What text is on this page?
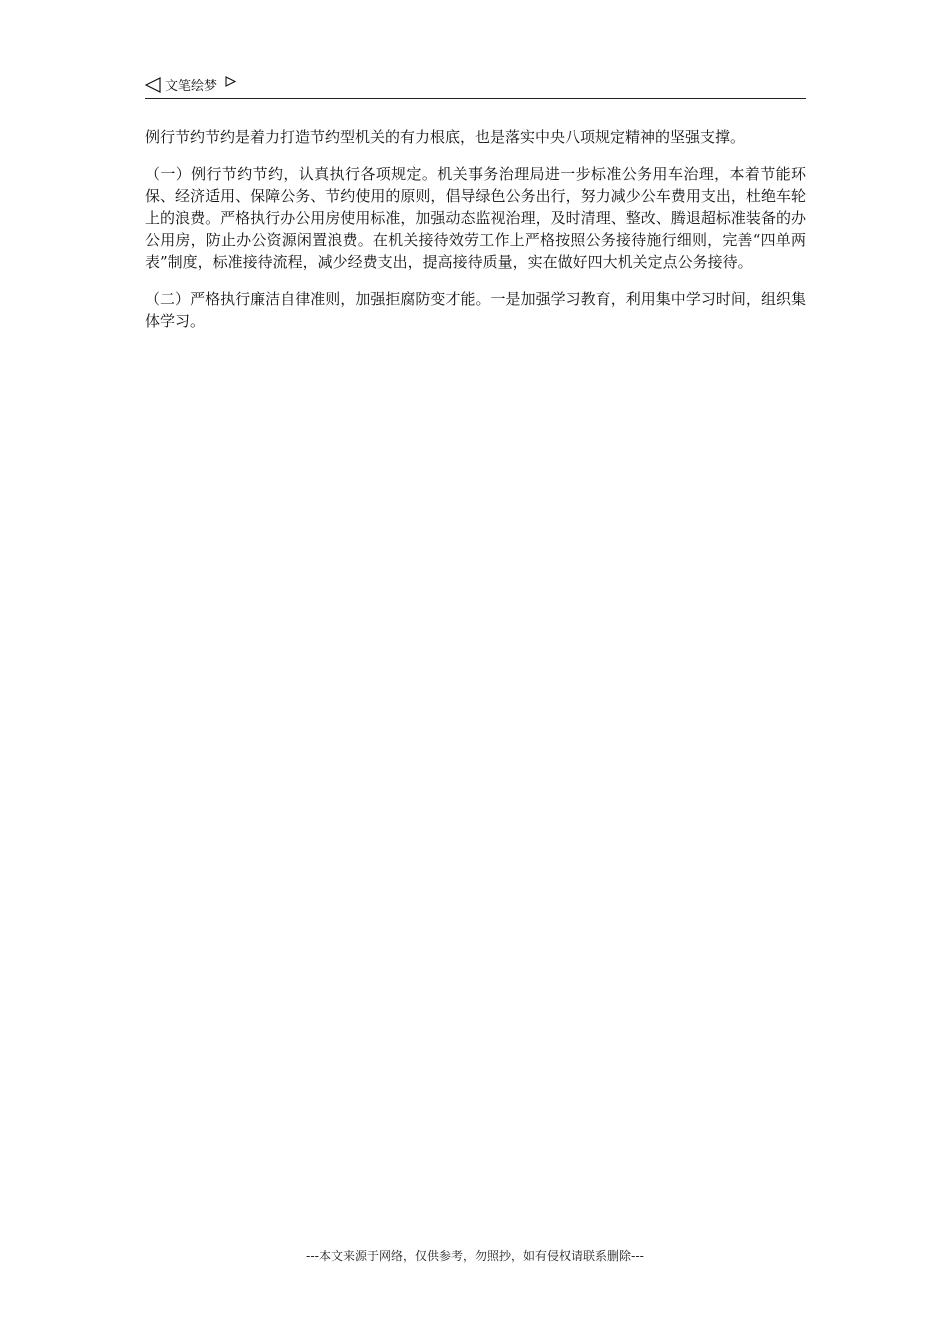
文笔绘梦

例行节约节约是着力打造节约型机关的有力根底，也是落实中央八项规定精神的坚强支撑。

（一）例行节约节约，认真执行各项规定。机关事务治理局进一步标准公务用车治理，本着节能环保、经济适用、保障公务、节约使用的原则，倡导绿色公务出行，努力减少公车费用支出，杜绝车轮上的浪费。严格执行办公用房使用标准，加强动态监视治理，及时清理、整改、腾退超标准装备的办公用房，防止办公资源闲置浪费。在机关接待效劳工作上严格按照公务接待施行细则，完善“四单两表”制度，标准接待流程，减少经费支出，提高接待质量，实在做好四大机关定点公务接待。

（二）严格执行廉洁自律准则，加强拒腐防变才能。一是加强学习教育，利用集中学习时间，组织集体学习。

---本文来源于网络，仅供参考，勿照抄，如有侵权请联系删除---
